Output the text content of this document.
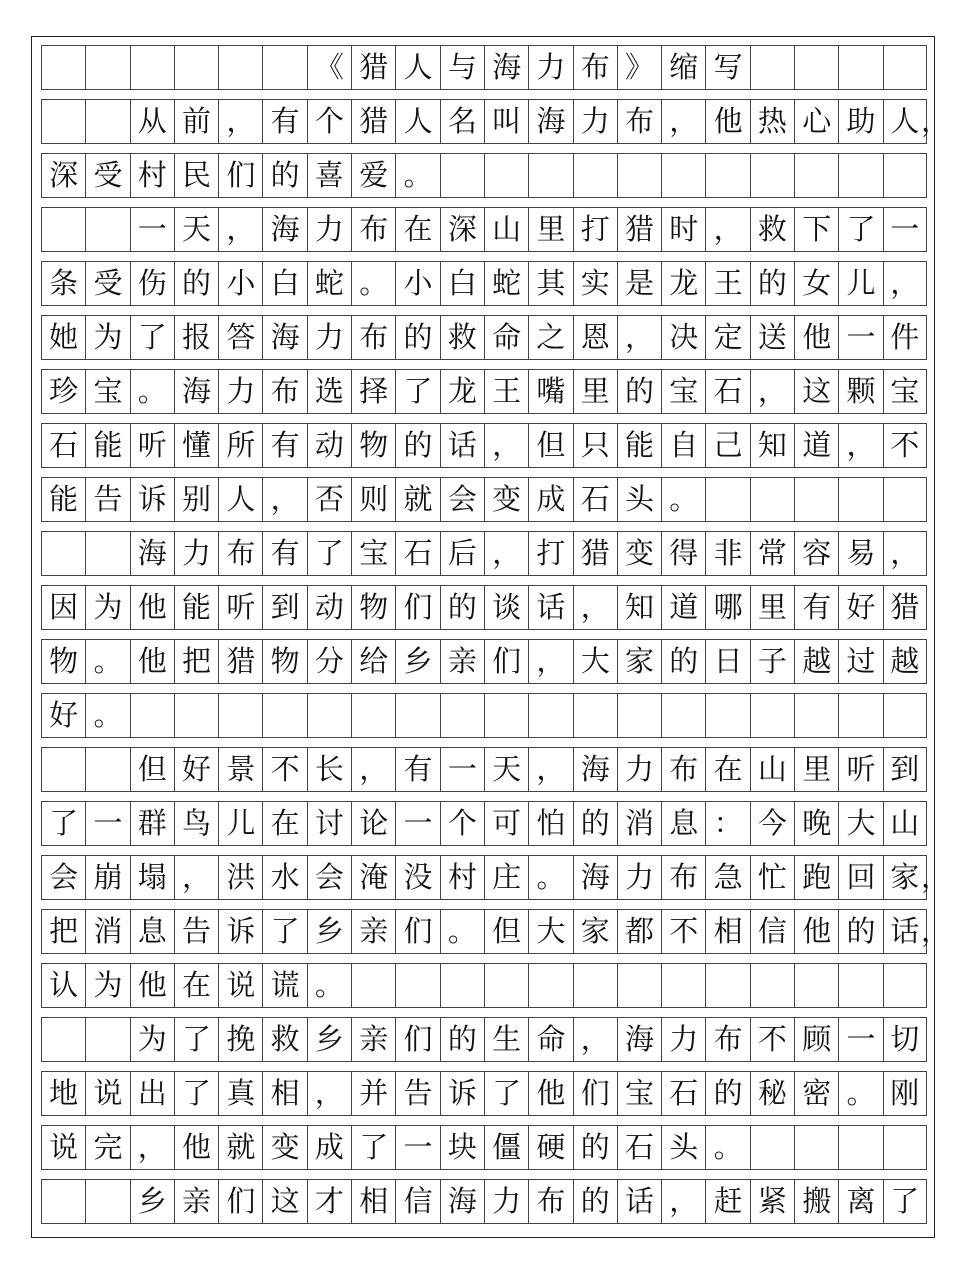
《 猎 人 与 海 力 布 》 缩 写
从 前 ， 有 个 猎 人 名 叫 海 力 布 ， 他 热 心 助 人
深 受 村 民 们 的 喜 爱 。
一 天 ， 海 力 布 在 深 山 里 打 猎 时 ， 救 下 了 一
条 受 伤 的 小 白 蛇 。 小 白 蛇 其 实 是 龙 王 的 女 儿 ，
她 为 了 报 答 海 力 布 的 救 命 之 恩 ， 决 定 送 他 一 件
珍 宝 。 海 力 布 选 择 了 龙 王 嘴 里 的 宝 石 ， 这 颗 宝
石 能 听 懂 所 有 动 物 的 话 ， 但 只 能 自 己 知 道 ， 不
能 告 诉 别 人 ， 否 则 就 会 变 成 石 头 。
海 力 布 有 了 宝 石 后 ， 打 猎 变 得 非 常 容 易 ，
因 为 他 能 听 到 动 物 们 的 谈 话 ， 知 道 哪 里 有 好 猎
物 。 他 把 猎 物 分 给 乡 亲 们 ， 大 家 的 日 子 越 过 越
好 。
但 好 景 不 长 ， 有 一 天 ， 海 力 布 在 山 里 听 到
了 一 群 鸟 儿 在 讨 论 一 个 可 怕 的 消 息 ： 今 晚 大 山
会 崩 塌 ， 洪 水 会 淹 没 村 庄 。 海 力 布 急 忙 跑 回 家
把 消 息 告 诉 了 乡 亲 们 。 但 大 家 都 不 相 信 他 的 话
认 为 他 在 说 谎 。
为 了 挽 救 乡 亲 们 的 生 命 ， 海 力 布 不 顾 一 切
地 说 出 了 真 相 ， 并 告 诉 了 他 们 宝 石 的 秘 密 。 刚
说 完 ， 他 就 变 成 了 一 块 僵 硬 的 石 头 。
乡 亲 们 这 才 相 信 海 力 布 的 话 ， 赶 紧 搬 离 了
，
，
，
